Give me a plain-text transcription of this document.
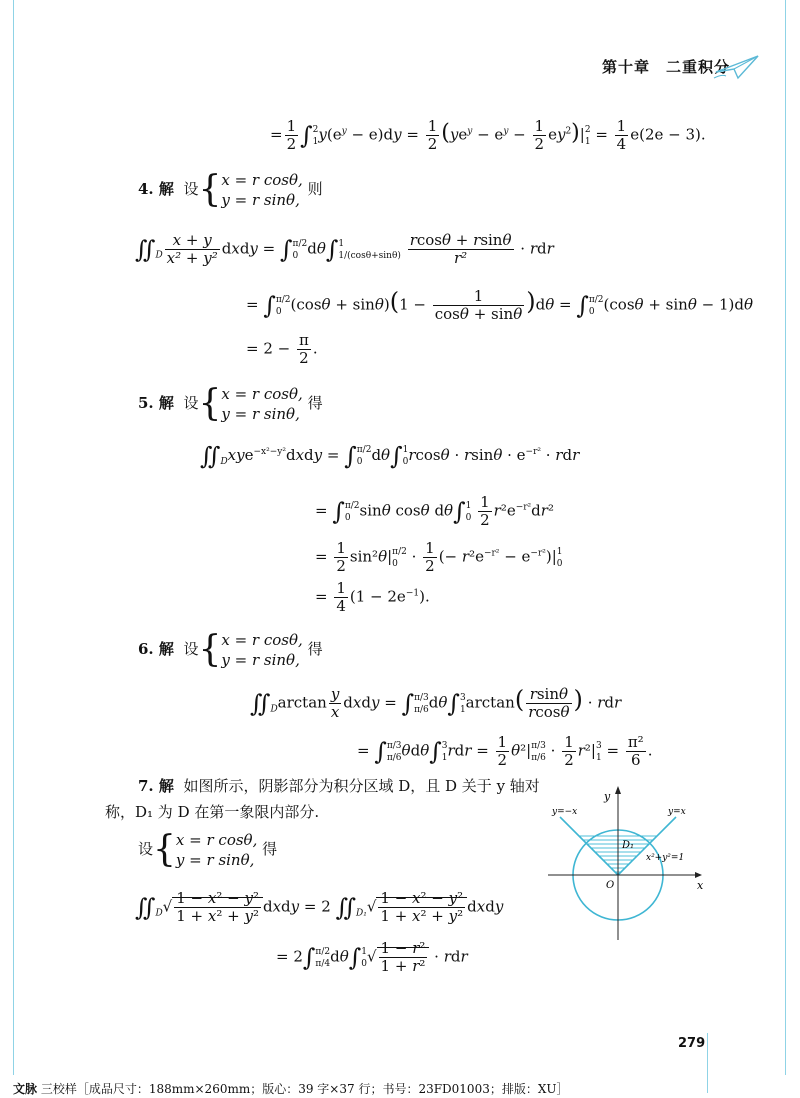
第十章　二重积分
= $\frac{1}{2} \int 2$
$1y(e^y - e)dy = \frac{1}{2} (ye^y - e^y - \frac{1}{2} ey^2)|2$
$1 = \frac{1}{4} e(2e - 3)$.
4. 解 设{x = r cosθ,
y = r sinθ, 则
$∬_D \frac{x + y}{\text{x² + y²}}$ dxdy = ∫π/2
0 dθ∫1
$1/(\cos\theta+\sin\theta) \frac{rcos\theta + rsin\theta}{\text{r²}}$ · rdr
= ∫π/2
0 $(\cos\theta + \sin\theta)(1 - \frac{1}{\cos\theta + \sin\theta} )d\theta = \int\pi/2$
0 (cosθ + sinθ − 1)dθ
= $2 - \frac{\pi}{2}$ .
5. 解 设{x = r cosθ,
y = r sinθ, 得
$∬_Dxye^{-x^2-y^2}dxdy = \int\pi/2$
0 dθ∫1
$0rcos\theta \cdot rsin\theta \cdot e^{-r^2}$ · rdr
= ∫π/2
0 sinθ cosθ dθ∫1
$0 \frac{1}{2} r^2e^{-r^2}dr^2$
= $\frac{1}{2} \sin^2\theta|\pi/2$
$0 \cdot \frac{1}{2}$ (− $r^2e^{-r^2} - e^{-r^2})|1$
0
= $\frac{1}{4} (1 - 2e^{-1})$.
6. 解 设{x = r cosθ,
y = r sinθ, 得
$∬_D\arctan \frac{y}{x}$ dxdy = ∫π/3
π/6dθ∫3
$1\arctan( \frac{rsin\theta}{rcos\theta}$ ) · rdr
= ∫π/3
π/6θdθ∫3
$1rdr = \frac{1}{2} \theta^2|\pi/3$
$\pi/6 \cdot \frac{1}{2} r^2|3$
$1 = \frac{\text{π²}}{6}$ .
7. 解 如图所示，阴影部分为积分区域 D，且 D 关于 y 轴对
称，D₁ 为 D 在第一象限内部分.
设{x = r cosθ,
y = r sinθ, 得
$∬_D√ \frac{\text{1 − x² − y²}}{\text{1 + x² + y²}}$ dxdy = 2 $∬_{D_1}√ \frac{\text{1 − x² − y²}}{\text{1 + x² + y²}}$ dxdy
= 2∫π/2
π/4dθ∫1
$0√ \frac{\text{1 − r²}}{\text{1 + r²}}$ · rdr
y
x
O
D₁
y=−x	y=x
x²+y²=1
279
文脉 三校样［成品尺寸：188mm×260mm；版心：39 字×37 行；书号：23FD01003；排版：XU］
